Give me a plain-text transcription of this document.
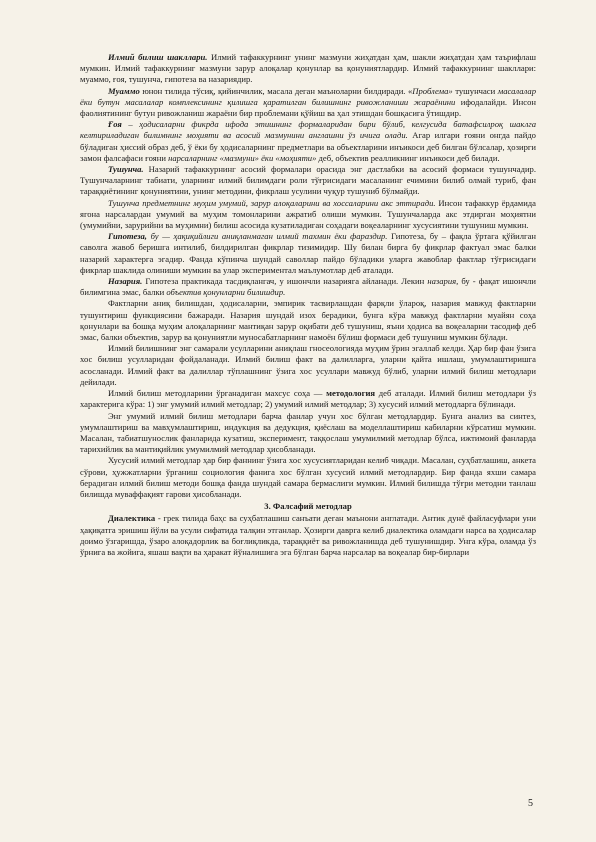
Илмий билиш шакллари. Илмий тафаккурнинг унинг мазмуни жиҳатдан ҳам, шакли жиҳатдан ҳам таърифлаш мумкин. Илмий тафаккурнинг мазмуни зарур алоқалар қонунлар ва қонуниятлардир. Илмий тафаккурнинг шакллари: муаммо, ғоя, тушунча, гипотеза ва назариядир.

Муаммо юнон тилида тўсиқ, қийинчилик, масала деган маъноларни билдиради. «Проблема» тушунчаси масалалар ёки бутун масалалар комплексининг қилишга қаратилган билишнинг ривожланиши жараёнини ифодалайди. Инсон фаолиятининг бутун ривожланиш жараёни бир проблемани қўйиш ва ҳал этишдан бошқасига ўтишдир.

Ғоя – ҳодисаларни фикрда ифода этишнинг формаларидан бири бўлиб, келгусида батафсилроқ шаклга келтириладиган билимнинг моҳияти ва асосий мазмунини англашни ўз ичига олади. Агар илгари ғояни онгда пайдо бўладиган ҳиссий образ деб, ў ёки бу ҳодисаларнинг предметлари ва объектларини инъикоси деб билган бўлсалар, ҳозирги замон фалсафаси ғояни нарсаларнинг «мазмуни» ёки «моҳияти» деб, объектив реалликнинг инъикоси деб билади.

Тушунча. Назарий тафаккурнинг асосий формалари орасида энг дастлабки ва асосий формаси тушунчадир. Тушунчаларнинг табиати, уларнинг илмий билимдаги роли тўғрисидаги масаланинг ечимини билиб олмай туриб, фан тараққиётининг қонуниятини, унинг методини, фикрлаш усулини чуқур тушуниб бўлмайди.

Тушунча предметнинг муҳим умумий, зарур алоқаларини ва хоссаларини акс эттиради. Инсон тафаккур ёрдамида ягона нарсалардан умумий ва муҳим томонларини ажратиб олиши мумкин. Тушунчаларда акс этдирган моҳиятни (умумийни, зарурийни ва муҳимни) билиш асосида кузатиладиган соҳадаги воқеаларнинг хусусиятини тушуниш мумкин.

Гипотеза, бу — ҳақиқийлиги аниқланмаган илмий тахмин ёки фараздир. Гипотеза, бу – фақла ўртага қўйилган саволга жавоб беришга интилиб, билдирилган фикрлар тизимидир. Шу билан бирга бу фикрлар фактуал эмас балки назарий характерга эгадир. Фанда кўпинча шундай саволлар пайдо бўладики уларга жавоблар фактлар тўғрисидаги фикрлар шаклида олиниши мумкин ва улар экспериментал маълумотлар деб аталади.

Назария. Гипотеза практикада тасдиқлангач, у ишончли назарияга айланади. Лекин назария, бу - фақат ишончли билимгина эмас, балки объектив қонунларни билишдир.

Фактларни аниқ билишдан, ҳодисаларни, эмпирик тасвирлашдан фарқли ўлароқ, назария мавжуд фактларни тушунтириш функциясини бажаради. Назария шундай изох берадики, бунга кўра мавжуд фактларни муайян соҳа қонунлари ва бошқа муҳим алоқаларнинг мантиқан зарур оқибати деб тушуниш, яъни ҳодиса ва воқеаларни тасодиф деб эмас, балки объектив, зарур ва қонуниятли муносабатларнинг намоён бўлиш формаси деб тушуниш мумкин бўлади.

Илмий билишнинг энг самарали усулларини аниқлаш гносеологияда муҳим ўрин эгаллаб келди. Ҳар бир фан ўзига хос билиш усулларидан фойдаланади. Илмий билиш факт ва далилларга, уларни қайта ишлаш, умумлаштиришга асосланади. Илмий факт ва далиллар тўплашнинг ўзига хос усуллари мавжуд бўлиб, уларни илмий билиш методлари дейилади.

Илмий билиш методларини ўрганадиган махсус соҳа — методология деб аталади. Илмий билиш методлари ўз характерига кўра: 1) энг умумий илмий методлар; 2) умумий илмий методлар; 3) хусусий илмий методларга бўлинади.

Энг умумий илмий билиш методлари барча фанлар учун хос бўлган методлардир. Бунга анализ ва синтез, умумлаштириш ва мавҳумлаштириш, индукция ва дедукция, қиёслаш ва моделлаштириш кабиларни кўрсатиш мумкин. Масалан, табиатшунослик фанларида кузатиш, эксперимент, таққослаш умумилмий методлар бўлса, ижтимоий фанларда тарихийлик ва мантиқийлик умумилмий методлар ҳисобланади.

Хусусий илмий методлар ҳар бир фаннинг ўзига хос хусусиятларидан келиб чиқади. Масалан, суҳбатлашиш, анкета сўрови, ҳужжатларни ўрганиш социология фанига хос бўлган хусусий илмий методлардир. Бир фанда яхши самара берадиган илмий билиш методи бошқа фанда шундай самара бермаслиги мумкин. Илмий билишда тўғри методни танлаш билишда муваффақият гарови ҳисобланади.

3. Фалсафий методлар

Диалектика - грек тилида баҳс ва суҳбатлашиш санъати деган маънони англатади. Антик дунё файласуфлари уни ҳақиқатга эришиш йўли ва усули сифатида талқин этганлар. Ҳозирги даврга келиб диалектика оламдаги нарса ва ҳодисалар доимо ўзгаришда, ўзаро алоқадорлик ва боғлиқликда, тараққиёт ва ривожланишда деб тушунишдир. Унга кўра, оламда ўз ўрнига ва жойига, яшаш вақти ва ҳаракат йўналишига эга бўлган барча нарсалар ва воқеалар бир-бирлари

5
